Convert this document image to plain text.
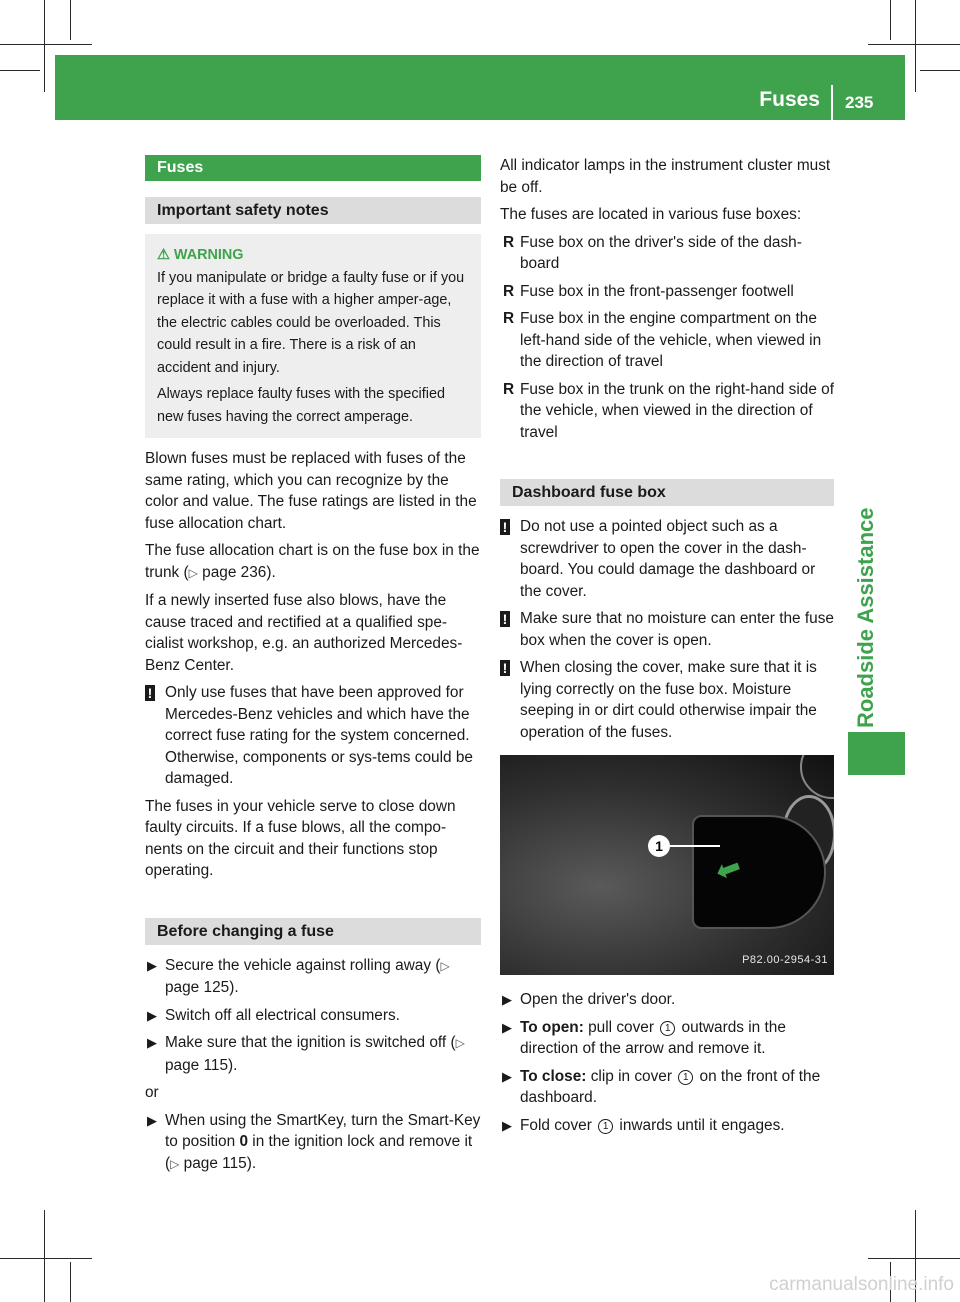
Fuses 235
Roadside Assistance
Fuses
Important safety notes
⚠ WARNING

If you manipulate or bridge a faulty fuse or if you replace it with a fuse with a higher amper-age, the electric cables could be overloaded. This could result in a fire. There is a risk of an accident and injury.

Always replace faulty fuses with the specified new fuses having the correct amperage.

Blown fuses must be replaced with fuses of the same rating, which you can recognize by the color and value. The fuse ratings are listed in the fuse allocation chart.

The fuse allocation chart is on the fuse box in the trunk (▷ page 236).

If a newly inserted fuse also blows, have the cause traced and rectified at a qualified spe-cialist workshop, e.g. an authorized Mercedes-Benz Center.

! Only use fuses that have been approved for Mercedes-Benz vehicles and which have the correct fuse rating for the system concerned. Otherwise, components or sys-tems could be damaged.

The fuses in your vehicle serve to close down faulty circuits. If a fuse blows, all the compo-nents on the circuit and their functions stop operating.

Before changing a fuse
▶ Secure the vehicle against rolling away (▷ page 125).
▶ Switch off all electrical consumers.
▶ Make sure that the ignition is switched off (▷ page 115).

or

▶ When using the SmartKey, turn the Smart-Key to position 0 in the ignition lock and remove it (▷ page 115).

All indicator lamps in the instrument cluster must be off.

The fuses are located in various fuse boxes:

R Fuse box on the driver's side of the dash-board
R Fuse box in the front-passenger footwell
R Fuse box in the engine compartment on the left-hand side of the vehicle, when viewed in the direction of travel
R Fuse box in the trunk on the right-hand side of the vehicle, when viewed in the direction of travel
Dashboard fuse box
! Do not use a pointed object such as a screwdriver to open the cover in the dash-board. You could damage the dashboard or the cover.
! Make sure that no moisture can enter the fuse box when the cover is open.
! When closing the cover, make sure that it is lying correctly on the fuse box. Moisture seeping in or dirt could otherwise impair the operation of the fuses.
⬅
1
P82.00-2954-31
▶ Open the driver's door.
▶ To open: pull cover 1 outwards in the direction of the arrow and remove it.
▶ To close: clip in cover 1 on the front of the dashboard.
▶ Fold cover 1 inwards until it engages.
carmanualsonline.info
